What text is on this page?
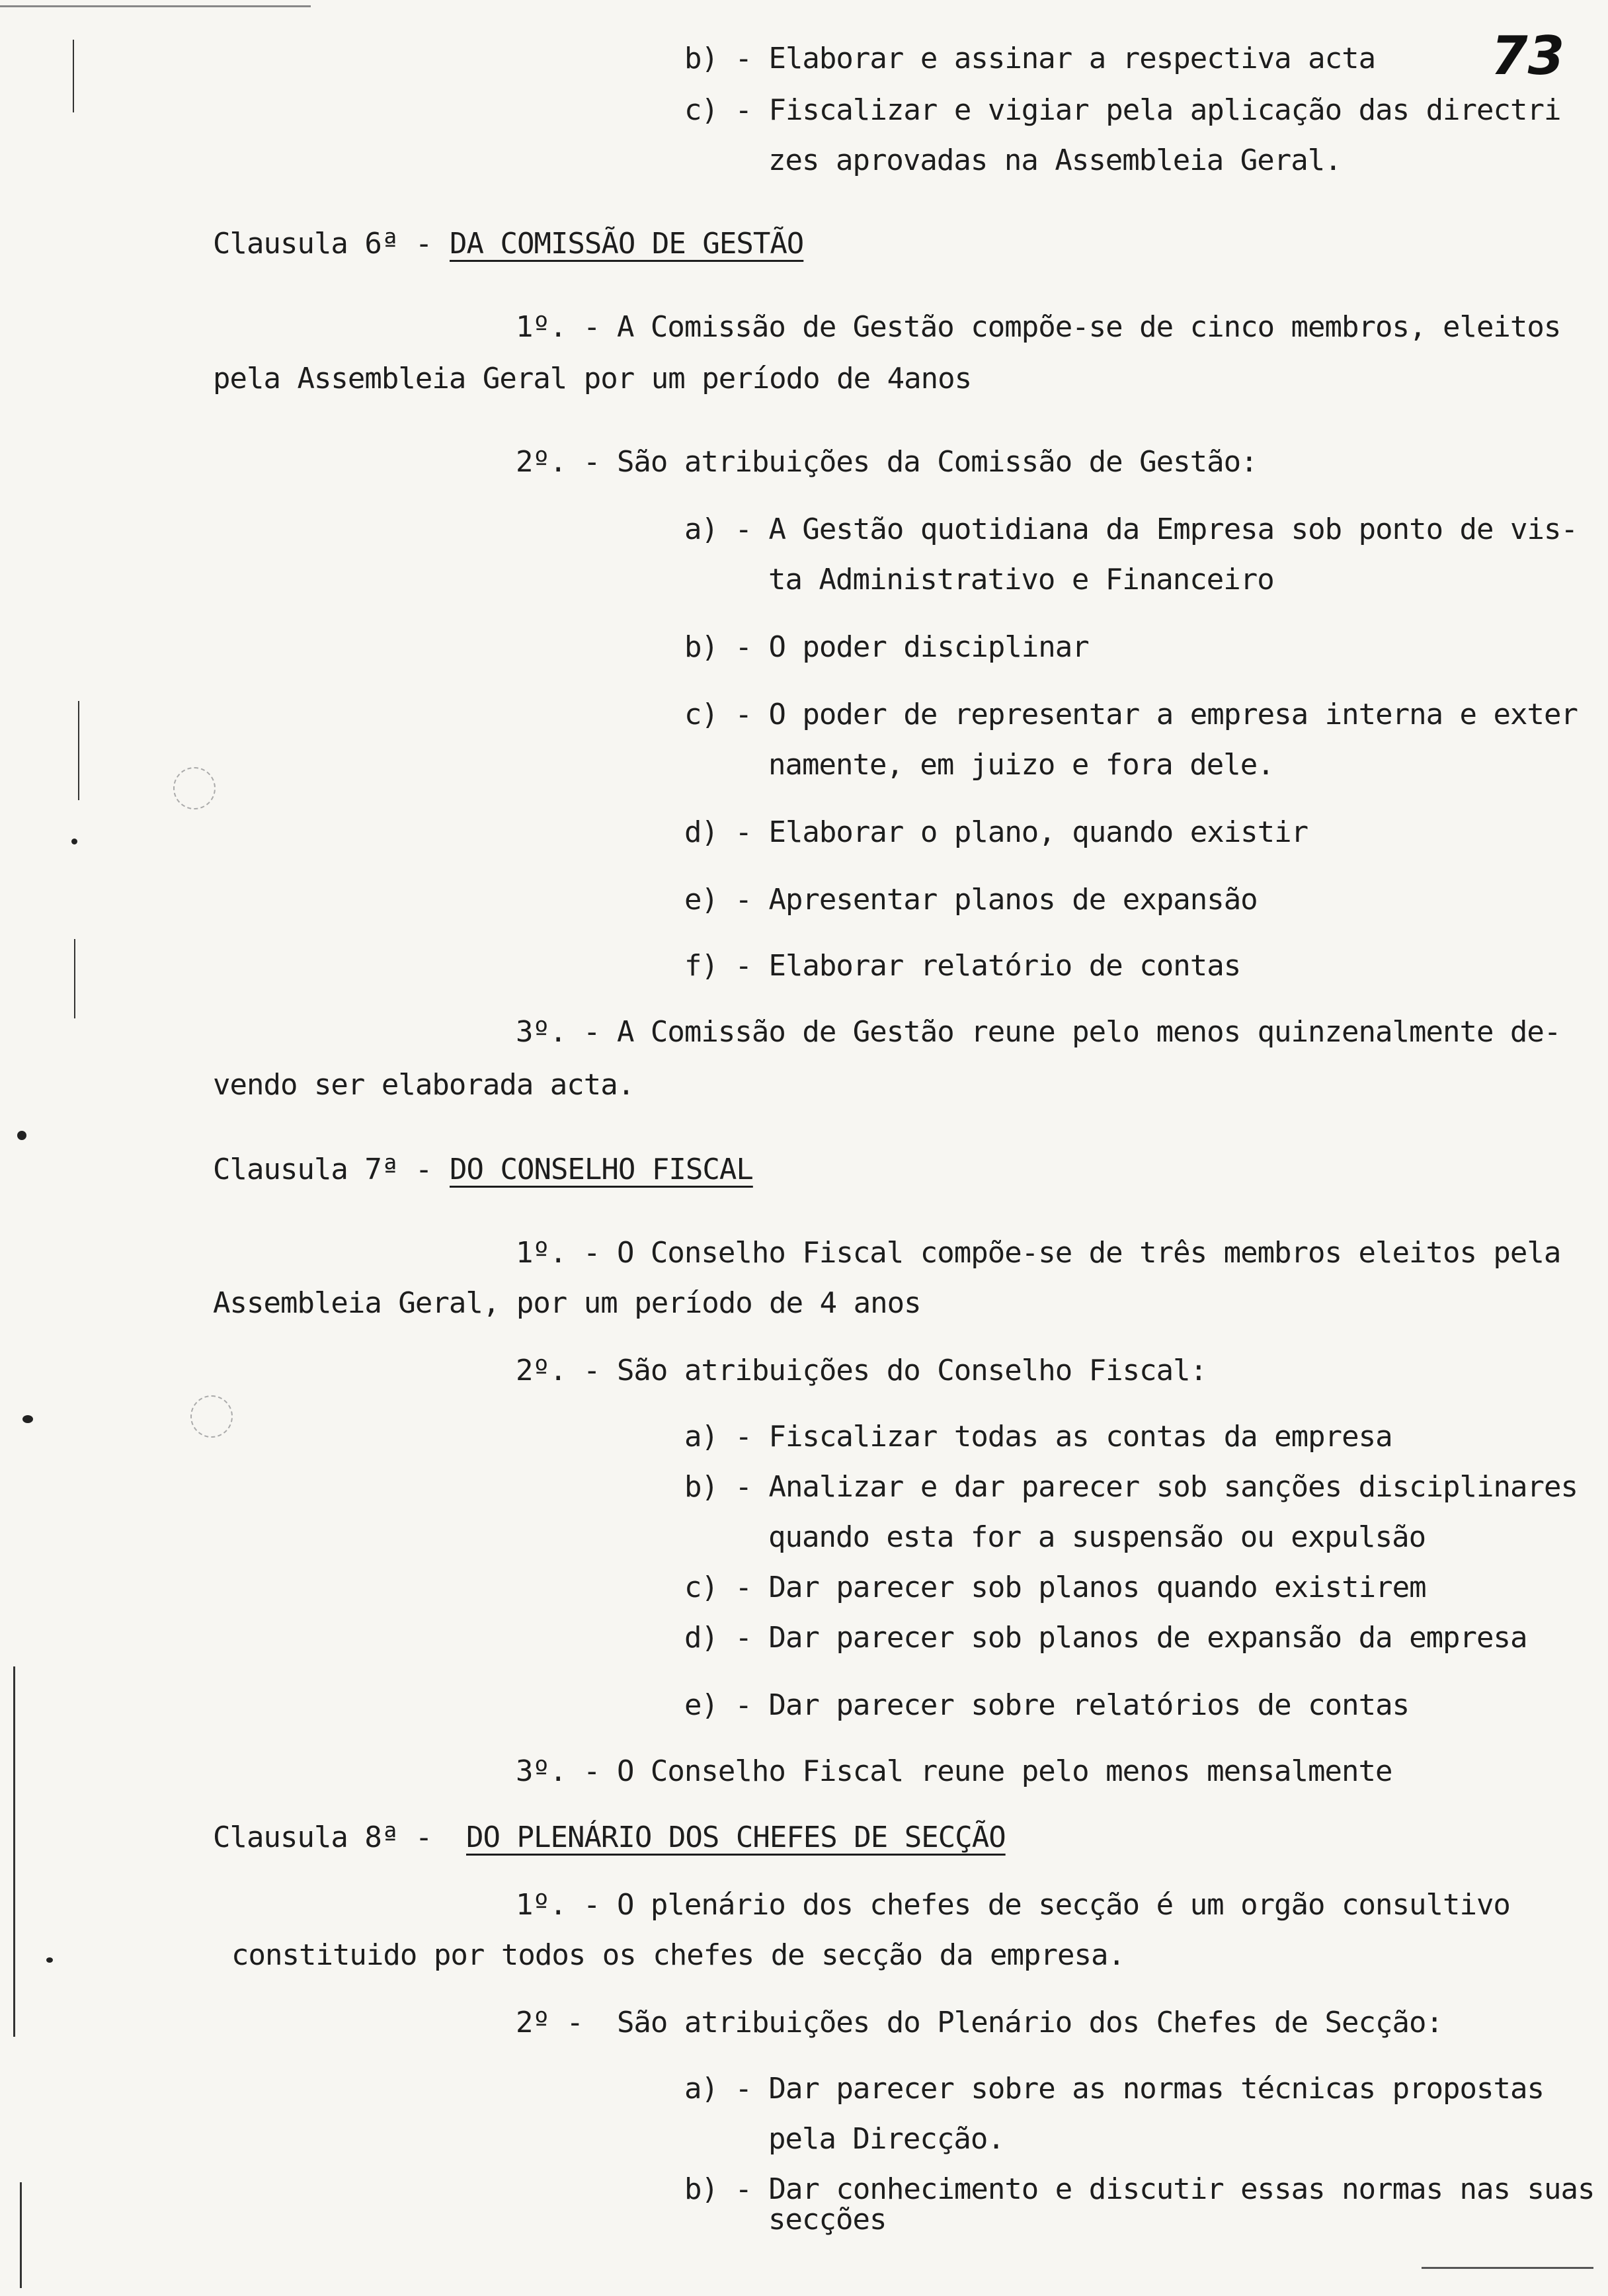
73
b) - Elaborar e assinar a respectiva acta
c) - Fiscalizar e vigiar pela aplicação das directri
zes aprovadas na Assembleia Geral.
Clausula 6ª - DA COMISSÃO DE GESTÃO
1º. - A Comissão de Gestão compõe-se de cinco membros, eleitos
pela Assembleia Geral por um período de 4anos
2º. - São atribuições da Comissão de Gestão:
a) - A Gestão quotidiana da Empresa sob ponto de vis-
ta Administrativo e Financeiro
b) - O poder disciplinar
c) - O poder de representar a empresa interna e exter
namente, em juizo e fora dele.
d) - Elaborar o plano, quando existir
e) - Apresentar planos de expansão
f) - Elaborar relatório de contas
3º. - A Comissão de Gestão reune pelo menos quinzenalmente de-
vendo ser elaborada acta.
Clausula 7ª - DO CONSELHO FISCAL
1º. - O Conselho Fiscal compõe-se de três membros eleitos pela
Assembleia Geral, por um período de 4 anos
2º. - São atribuições do Conselho Fiscal:
a) - Fiscalizar todas as contas da empresa
b) - Analizar e dar parecer sob sanções disciplinares
quando esta for a suspensão ou expulsão
c) - Dar parecer sob planos quando existirem
d) - Dar parecer sob planos de expansão da empresa
e) - Dar parecer sobre relatórios de contas
3º. - O Conselho Fiscal reune pelo menos mensalmente
Clausula 8ª - DO PLENÁRIO DOS CHEFES DE SECÇÃO
1º. - O plenário dos chefes de secção é um orgão consultivo
constituido por todos os chefes de secção da empresa.
2º -  São atribuições do Plenário dos Chefes de Secção:
a) - Dar parecer sobre as normas técnicas propostas
pela Direcção.
b) - Dar conhecimento e discutir essas normas nas suas
secções
